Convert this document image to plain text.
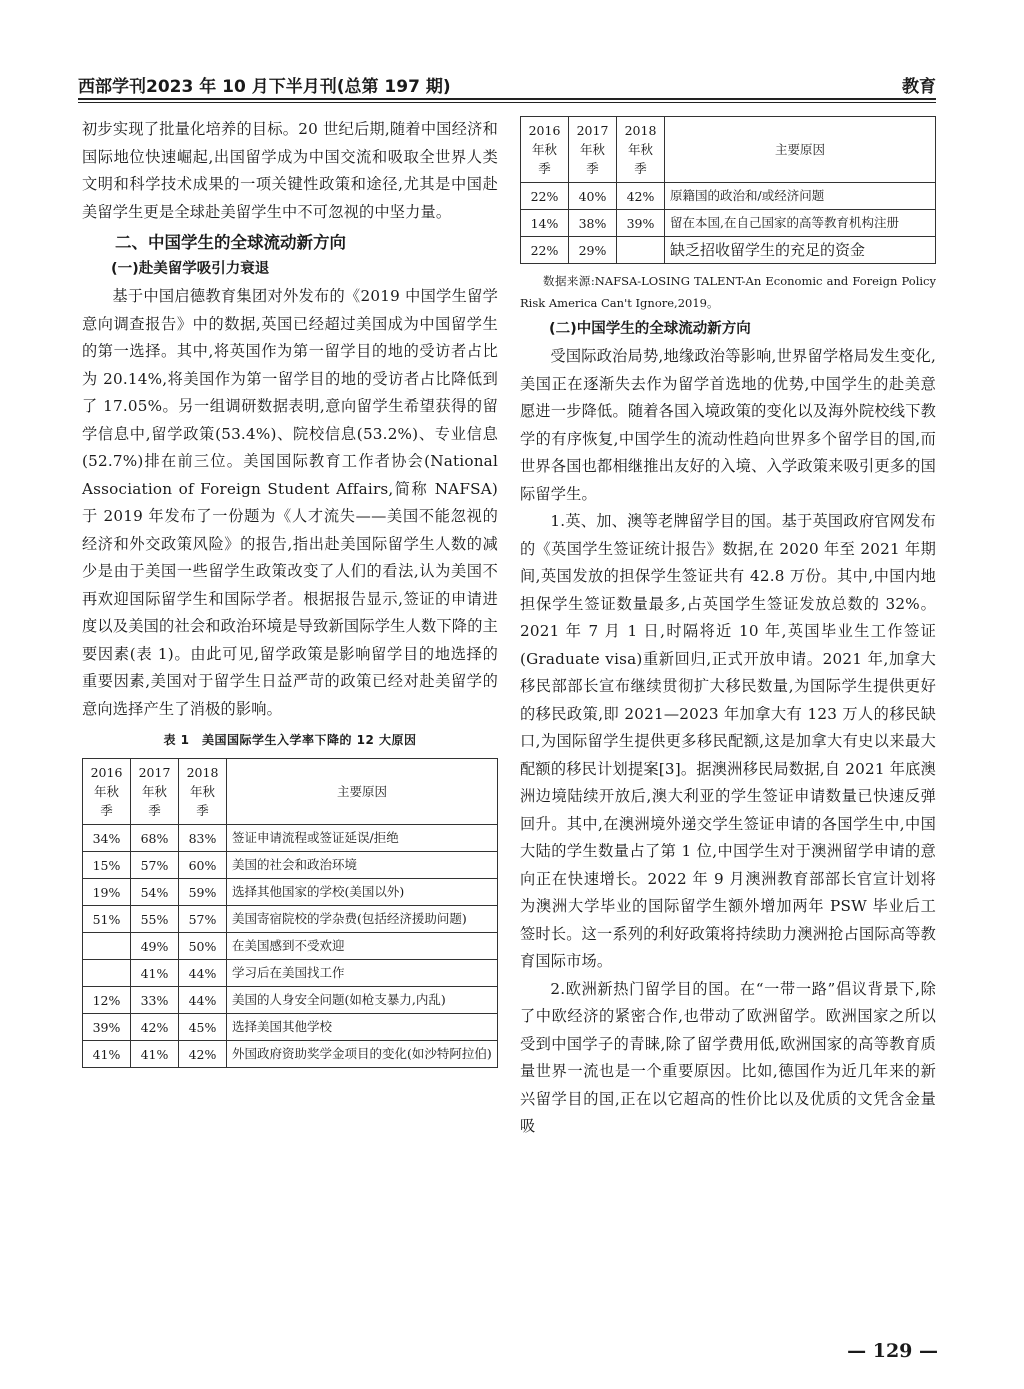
西部学刊2023 年 10 月下半月刊(总第 197 期)	教育

初步实现了批量化培养的目标。20 世纪后期,随着中国经济和国际地位快速崛起,出国留学成为中国交流和吸取全世界人类文明和科学技术成果的一项关键性政策和途径,尤其是中国赴美留学生更是全球赴美留学生中不可忽视的中坚力量。

二、中国学生的全球流动新方向
(一)赴美留学吸引力衰退

基于中国启德教育集团对外发布的《2019 中国学生留学意向调查报告》中的数据,英国已经超过美国成为中国留学生的第一选择。其中,将英国作为第一留学目的地的受访者占比为 20.14%,将美国作为第一留学目的地的受访者占比降低到了 17.05%。另一组调研数据表明,意向留学生希望获得的留学信息中,留学政策(53.4%)、院校信息(53.2%)、专业信息(52.7%)排在前三位。美国国际教育工作者协会(National Association of Foreign Student Affairs,简称 NAFSA)于 2019 年发布了一份题为《人才流失——美国不能忽视的经济和外交政策风险》的报告,指出赴美国际留学生人数的减少是由于美国一些留学生政策改变了人们的看法,认为美国不再欢迎国际留学生和国际学者。根据报告显示,签证的申请进度以及美国的社会和政治环境是导致新国际学生人数下降的主要因素(表 1)。由此可见,留学政策是影响留学目的地选择的重要因素,美国对于留学生日益严苛的政策已经对赴美留学的意向选择产生了消极的影响。

表 1　美国国际学生入学率下降的 12 大原因
2016 年秋季	2017 年秋季	2018 年秋季	主要原因
34%	68%	83%	签证申请流程或签证延误/拒绝
15%	57%	60%	美国的社会和政治环境
19%	54%	59%	选择其他国家的学校(美国以外)
51%	55%	57%	美国寄宿院校的学杂费(包括经济援助问题)
	49%	50%	在美国感到不受欢迎
	41%	44%	学习后在美国找工作
12%	33%	44%	美国的人身安全问题(如枪支暴力,内乱)
39%	42%	45%	选择美国其他学校
41%	41%	42%	外国政府资助奖学金项目的变化(如沙特阿拉伯)
2016 年秋季	2017 年秋季	2018 年秋季	主要原因
22%	40%	42%	原籍国的政治和/或经济问题
14%	38%	39%	留在本国,在自己国家的高等教育机构注册
22%	29%		缺乏招收留学生的充足的资金
数据来源:NAFSA-LOSING TALENT-An Economic and Foreign Policy Risk America Can't Ignore,2019。
(二)中国学生的全球流动新方向

受国际政治局势,地缘政治等影响,世界留学格局发生变化,美国正在逐渐失去作为留学首选地的优势,中国学生的赴美意愿进一步降低。随着各国入境政策的变化以及海外院校线下教学的有序恢复,中国学生的流动性趋向世界多个留学目的国,而世界各国也都相继推出友好的入境、入学政策来吸引更多的国际留学生。

1.英、加、澳等老牌留学目的国。基于英国政府官网发布的《英国学生签证统计报告》数据,在 2020 年至 2021 年期间,英国发放的担保学生签证共有 42.8 万份。其中,中国内地担保学生签证数量最多,占英国学生签证发放总数的 32%。2021 年 7 月 1 日,时隔将近 10 年,英国毕业生工作签证(Graduate visa)重新回归,正式开放申请。2021 年,加拿大移民部部长宣布继续贯彻扩大移民数量,为国际学生提供更好的移民政策,即 2021—2023 年加拿大有 123 万人的移民缺口,为国际留学生提供更多移民配额,这是加拿大有史以来最大配额的移民计划提案[3]。据澳洲移民局数据,自 2021 年底澳洲边境陆续开放后,澳大利亚的学生签证申请数量已快速反弹回升。其中,在澳洲境外递交学生签证申请的各国学生中,中国大陆的学生数量占了第 1 位,中国学生对于澳洲留学申请的意向正在快速增长。2022 年 9 月澳洲教育部部长官宣计划将为澳洲大学毕业的国际留学生额外增加两年 PSW 毕业后工签时长。这一系列的利好政策将持续助力澳洲抢占国际高等教育国际市场。

2.欧洲新热门留学目的国。在“一带一路”倡议背景下,除了中欧经济的紧密合作,也带动了欧洲留学。欧洲国家之所以受到中国学子的青睐,除了留学费用低,欧洲国家的高等教育质量世界一流也是一个重要原因。比如,德国作为近几年来的新兴留学目的国,正在以它超高的性价比以及优质的文凭含金量吸

— 129 —
